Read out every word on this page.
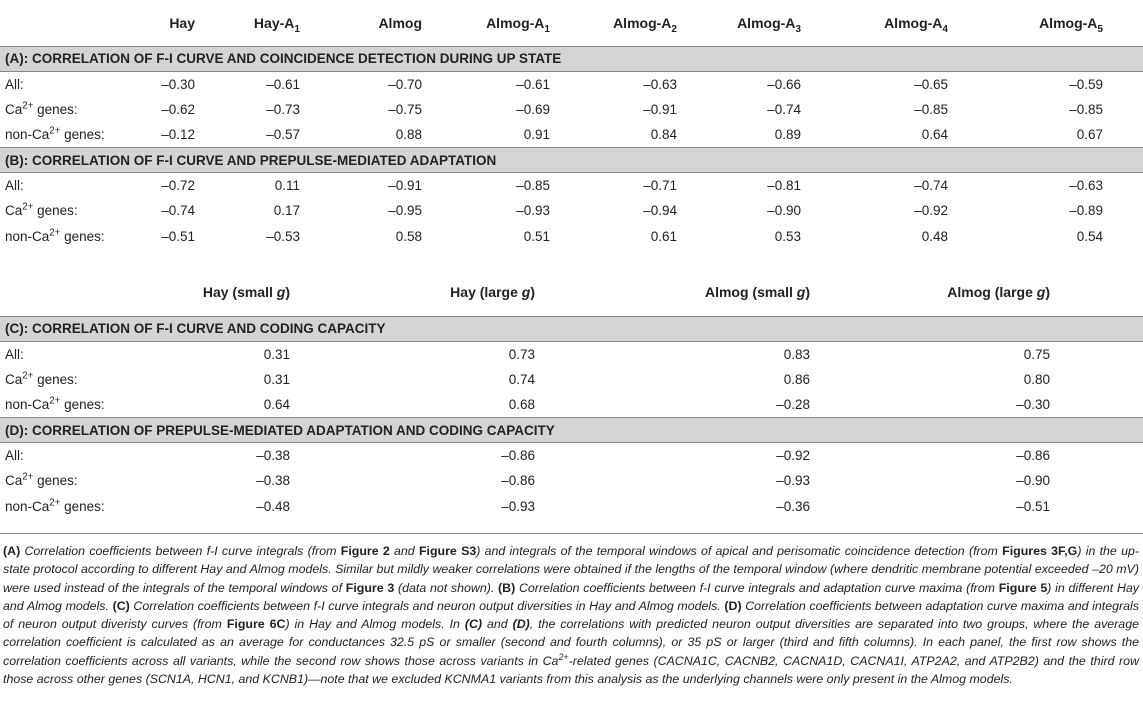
	Hay	Hay-$A_1$	Almog	Almog-$A_1$	Almog-$A_2$	Almog-$A_3$	Almog-$A_4$	Almog-$A_5$	
(A): CORRELATION OF F-I CURVE AND COINCIDENCE DETECTION DURING UP STATE									
All:	–0.30	–0.61	–0.70	–0.61	–0.63	–0.66	–0.65	–0.59	
$Ca^{2+}$ genes:	–0.62	–0.73	–0.75	–0.69	–0.91	–0.74	–0.85	–0.85	
non-$Ca^{2+}$ genes:	–0.12	–0.57	0.88	0.91	0.84	0.89	0.64	0.67	
(B): CORRELATION OF F-I CURVE AND PREPULSE-MEDIATED ADAPTATION									
All:	–0.72	0.11	–0.91	–0.85	–0.71	–0.81	–0.74	–0.63	
$Ca^{2+}$ genes:	–0.74	0.17	–0.95	–0.93	–0.94	–0.90	–0.92	–0.89	
non-$Ca^{2+}$ genes:	–0.51	–0.53	0.58	0.51	0.61	0.53	0.48	0.54	
	Hay (small g)	Hay (large g)	Almog (small g)	Almog (large g)	
(C): CORRELATION OF F-I CURVE AND CODING CAPACITY					
All:	0.31	0.73	0.83	0.75	
$Ca^{2+}$ genes:	0.31	0.74	0.86	0.80	
non-$Ca^{2+}$ genes:	0.64	0.68	–0.28	–0.30	
(D): CORRELATION OF PREPULSE-MEDIATED ADAPTATION AND CODING CAPACITY					
All:	–0.38	–0.86	–0.92	–0.86	
$Ca^{2+}$ genes:	–0.38	–0.86	–0.93	–0.90	
non-$Ca^{2+}$ genes:	–0.48	–0.93	–0.36	–0.51	
(A) Correlation coefficients between f-I curve integrals (from Figure 2 and Figure S3) and integrals of the temporal windows of apical and perisomatic coincidence detection (from Figures 3F,G) in the up-state protocol according to different Hay and Almog models. Similar but mildly weaker correlations were obtained if the lengths of the temporal window (where dendritic membrane potential exceeded –20 mV) were used instead of the integrals of the temporal windows of Figure 3 (data not shown). (B) Correlation coefficients between f-I curve integrals and adaptation curve maxima (from Figure 5) in different Hay and Almog models. (C) Correlation coefficients between f-I curve integrals and neuron output diversities in Hay and Almog models. (D) Correlation coefficients between adaptation curve maxima and integrals of neuron output diveristy curves (from Figure 6C) in Hay and Almog models. In (C) and (D), the correlations with predicted neuron output diversities are separated into two groups, where the average correlation coefficient is calculated as an average for conductances 32.5 pS or smaller (second and fourth columns), or 35 pS or larger (third and fifth columns). In each panel, the first row shows the correlation coefficients across all variants, while the second row shows those across variants in $Ca^{2+}$-related genes (CACNA1C, CACNB2, CACNA1D, CACNA1I, ATP2A2, and ATP2B2) and the third row those across other genes (SCN1A, HCN1, and KCNB1)—note that we excluded KCNMA1 variants from this analysis as the underlying channels were only present in the Almog models.
